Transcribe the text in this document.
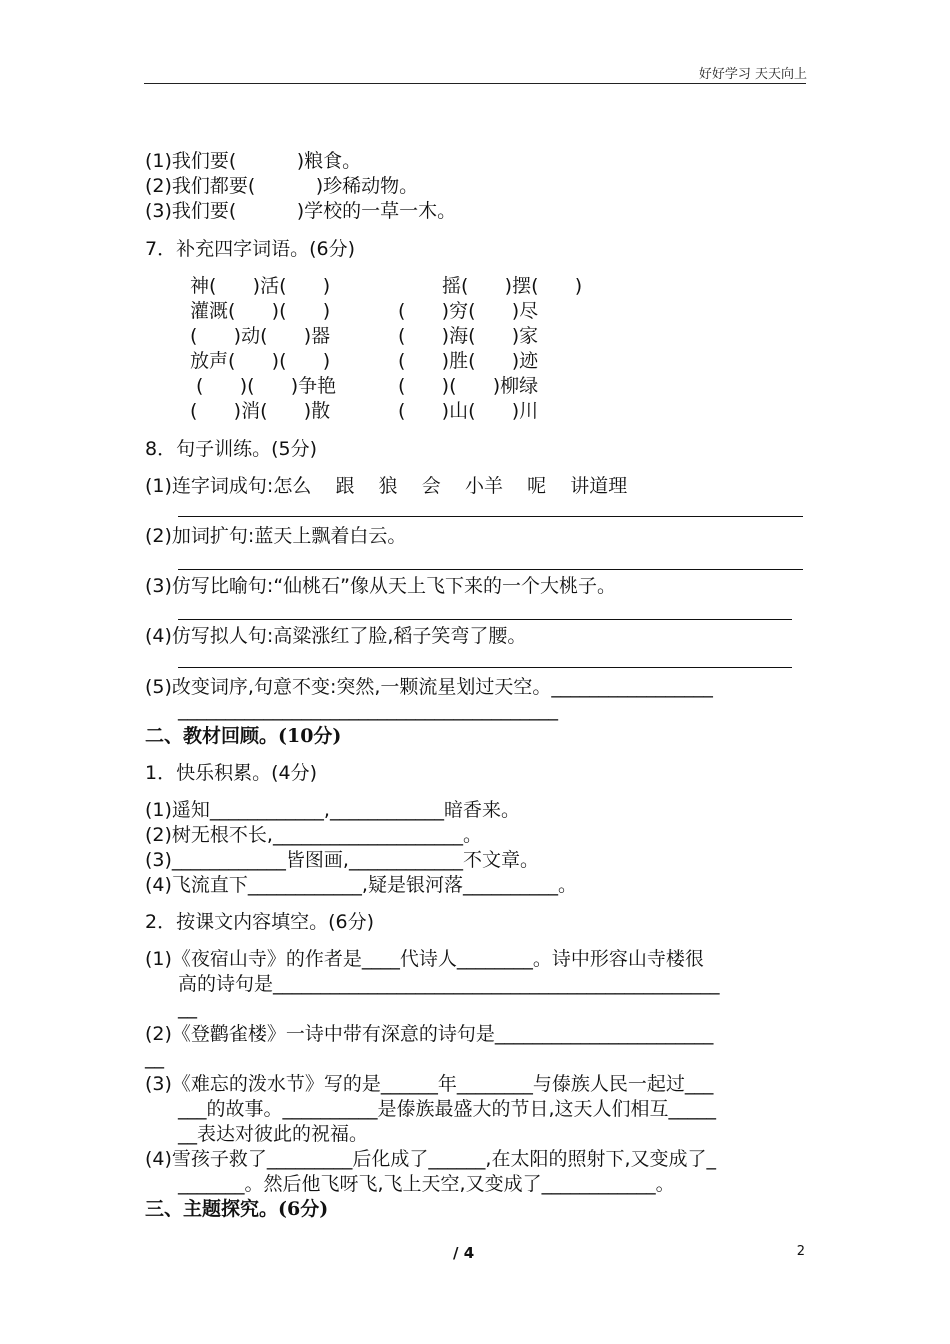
好好学习 天天向上
(1)我们要(          )粮食。
(2)我们都要(          )珍稀动物。
(3)我们要(          )学校的一草一木。
7．补充四字词语。(6分)
神(      )活(      )
灌溉(      )(      )
(      )动(      )器
放声(      )(      )
(      )(      )争艳
(      )消(      )散
摇(      )摆(      )
(      )穷(      )尽
(      )海(      )家
(      )胜(      )迹
(      )(      )柳绿
(      )山(      )川
8．句子训练。(5分)
(1)连字词成句:怎么    跟    狼    会    小羊    呢    讲道理
(2)加词扩句:蓝天上飘着白云。
(3)仿写比喻句:“仙桃石”像从天上飞下来的一个大桃子。
(4)仿写拟人句:高粱涨红了脸,稻子笑弯了腰。
(5)改变词序,句意不变:突然,一颗流星划过天空。_________________
________________________________________
二、教材回顾。(10分)
1．快乐积累。(4分)
(1)遥知____________,____________暗香来。
(2)树无根不长,____________________。
(3)____________皆图画,____________不文章。
(4)飞流直下____________,疑是银河落__________。
2．按课文内容填空。(6分)
(1)《夜宿山寺》的作者是____代诗人________。诗中形容山寺楼很
高的诗句是_______________________________________________
__
(2)《登鹳雀楼》一诗中带有深意的诗句是_______________________
__
(3)《难忘的泼水节》写的是______年________与傣族人民一起过___
___的故事。__________是傣族最盛大的节日,这天人们相互_____
__表达对彼此的祝福。
(4)雪孩子救了_________后化成了______,在太阳的照射下,又变成了_
_______。然后他飞呀飞,飞上天空,又变成了____________。
三、主题探究。(6分)
/ 4	2
